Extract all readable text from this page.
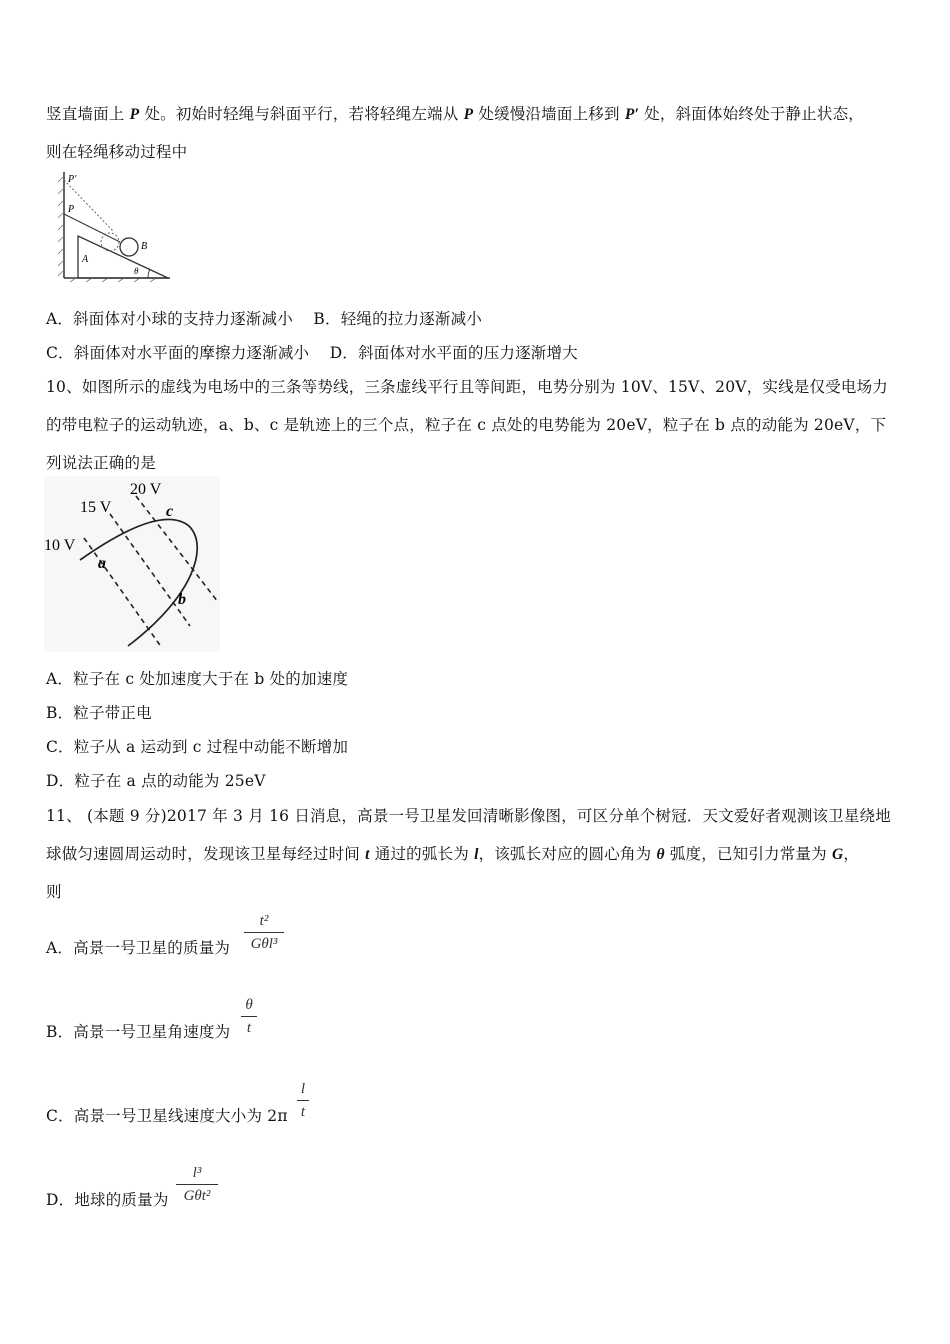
竖直墙面上 P 处。初始时轻绳与斜面平行，若将轻绳左端从 P 处缓慢沿墙面上移到 P′ 处，斜面体始终处于静止状态，
则在轻绳移动过程中
P′
P
A
B
θ
A．斜面体对小球的支持力逐渐减小 B．轻绳的拉力逐渐减小
C．斜面体对水平面的摩擦力逐渐减小 D．斜面体对水平面的压力逐渐增大
10、如图所示的虚线为电场中的三条等势线，三条虚线平行且等间距，电势分别为 10V、15V、20V，实线是仅受电场力
的带电粒子的运动轨迹，a、b、c 是轨迹上的三个点，粒子在 c 点处的电势能为 20eV，粒子在 b 点的动能为 20eV，下
列说法正确的是
20 V
15 V
10 V
a
b
c
A．粒子在 c 处加速度大于在 b 处的加速度
B．粒子带正电
C．粒子从 a 运动到 c 过程中动能不断增加
D．粒子在 a 点的动能为 25eV
11、 (本题 9 分)2017 年 3 月 16 日消息，高景一号卫星发回清晰影像图，可区分单个树冠．天文爱好者观测该卫星绕地
球做匀速圆周运动时，发现该卫星每经过时间 t 通过的弧长为 l，该弧长对应的圆心角为 θ 弧度，已知引力常量为 G，
则
A．高景一号卫星的质量为
t²
Gθl³
B．高景一号卫星角速度为
θ
t
C．高景一号卫星线速度大小为 2π
l
t
D．地球的质量为
l³
Gθt²
